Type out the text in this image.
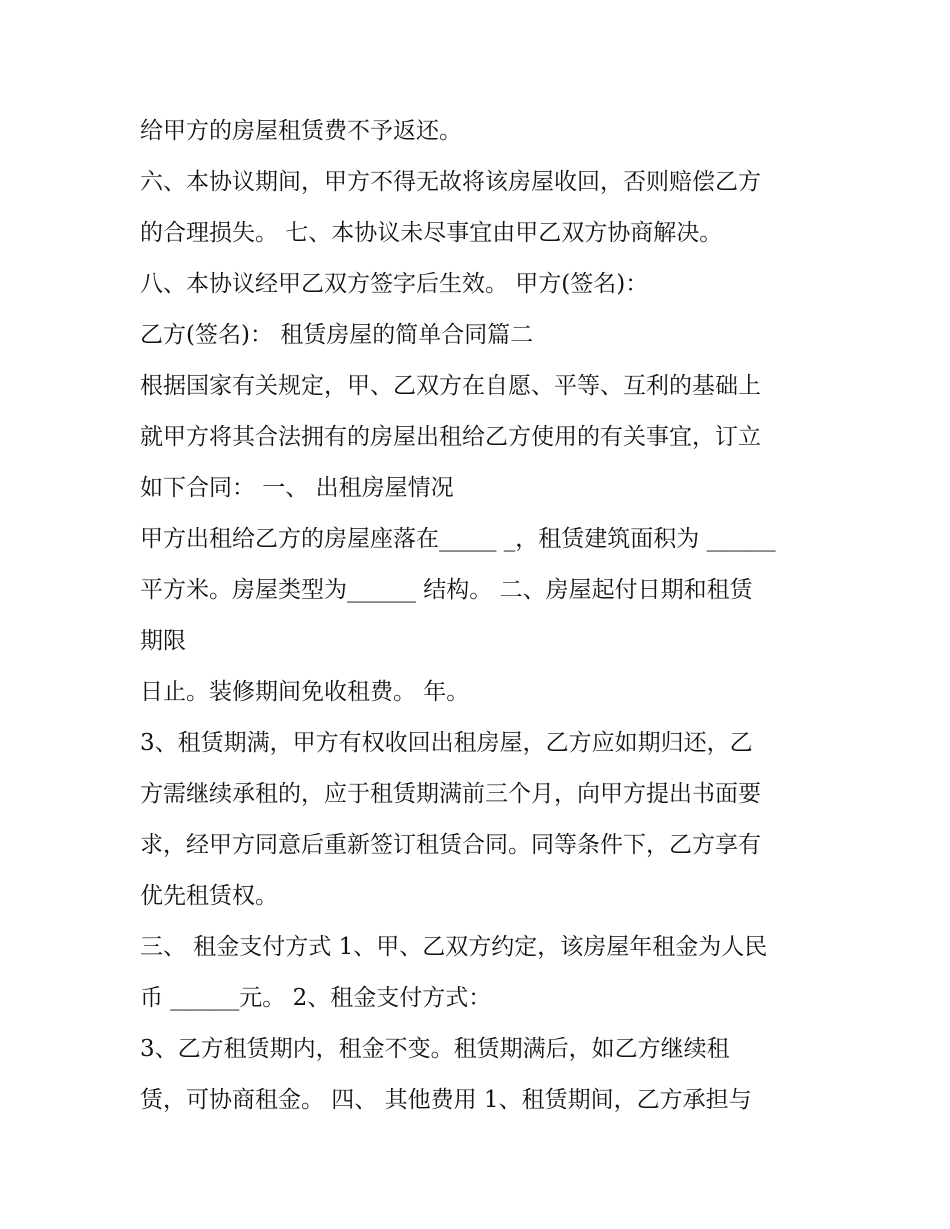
给甲方的房屋租赁费不予返还。
六、本协议期间，甲方不得无故将该房屋收回，否则赔偿乙方
的合理损失。 七、本协议未尽事宜由甲乙双方协商解决。
八、本协议经甲乙双方签字后生效。 甲方(签名)：
乙方(签名)： 租赁房屋的简单合同篇二
根据国家有关规定，甲、乙双方在自愿、平等、互利的基础上
就甲方将其合法拥有的房屋出租给乙方使用的有关事宜，订立
如下合同： 一、 出租房屋情况
甲方出租给乙方的房屋座落在_____ _，租赁建筑面积为 ______
平方米。房屋类型为______ 结构。 二、房屋起付日期和租赁
期限
日止。装修期间免收租费。 年。
3、租赁期满，甲方有权收回出租房屋，乙方应如期归还，乙
方需继续承租的，应于租赁期满前三个月，向甲方提出书面要
求，经甲方同意后重新签订租赁合同。同等条件下，乙方享有
优先租赁权。
三、 租金支付方式 1、甲、乙双方约定，该房屋年租金为人民
币 ______元。 2、租金支付方式：
3、乙方租赁期内，租金不变。租赁期满后，如乙方继续租
赁，可协商租金。 四、 其他费用 1、租赁期间，乙方承担与
